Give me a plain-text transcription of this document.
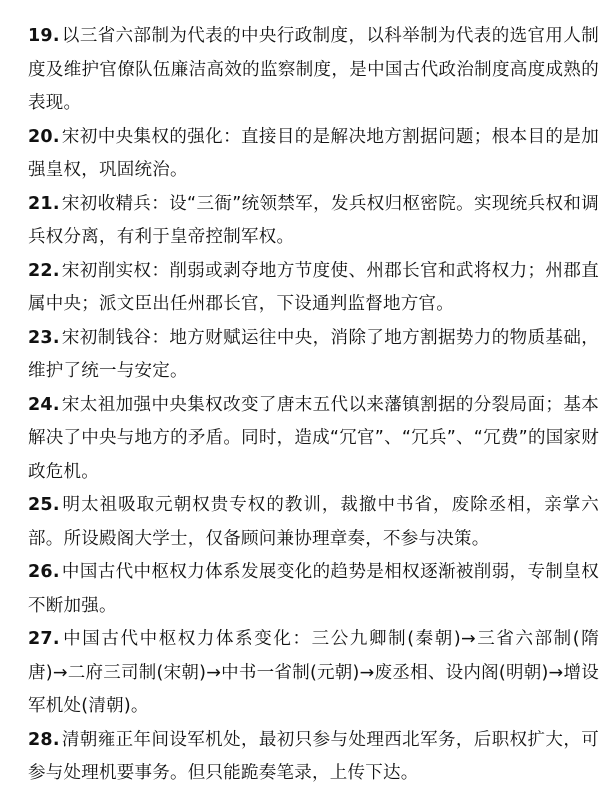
19. 以三省六部制为代表的中央行政制度，以科举制为代表的选官用人制度及维护官僚队伍廉洁高效的监察制度，是中国古代政治制度高度成熟的表现。

20. 宋初中央集权的强化：直接目的是解决地方割据问题；根本目的是加强皇权，巩固统治。

21. 宋初收精兵：设“三衙”统领禁军，发兵权归枢密院。实现统兵权和调兵权分离，有利于皇帝控制军权。

22. 宋初削实权：削弱或剥夺地方节度使、州郡长官和武将权力；州郡直属中央；派文臣出任州郡长官，下设通判监督地方官。

23. 宋初制钱谷：地方财赋运往中央，消除了地方割据势力的物质基础，维护了统一与安定。

24. 宋太祖加强中央集权改变了唐末五代以来藩镇割据的分裂局面；基本解决了中央与地方的矛盾。同时，造成“冗官”、“冗兵”、“冗费”的国家财政危机。

25. 明太祖吸取元朝权贵专权的教训，裁撤中书省，废除丞相，亲掌六部。所设殿阁大学士，仅备顾问兼协理章奏，不参与决策。

26. 中国古代中枢权力体系发展变化的趋势是相权逐渐被削弱，专制皇权不断加强。

27. 中国古代中枢权力体系变化：三公九卿制(秦朝)→三省六部制(隋唐)→二府三司制(宋朝)→中书一省制(元朝)→废丞相、设内阁(明朝)→增设军机处(清朝)。

28. 清朝雍正年间设军机处，最初只参与处理西北军务，后职权扩大，可参与处理机要事务。但只能跪奏笔录，上传下达。
